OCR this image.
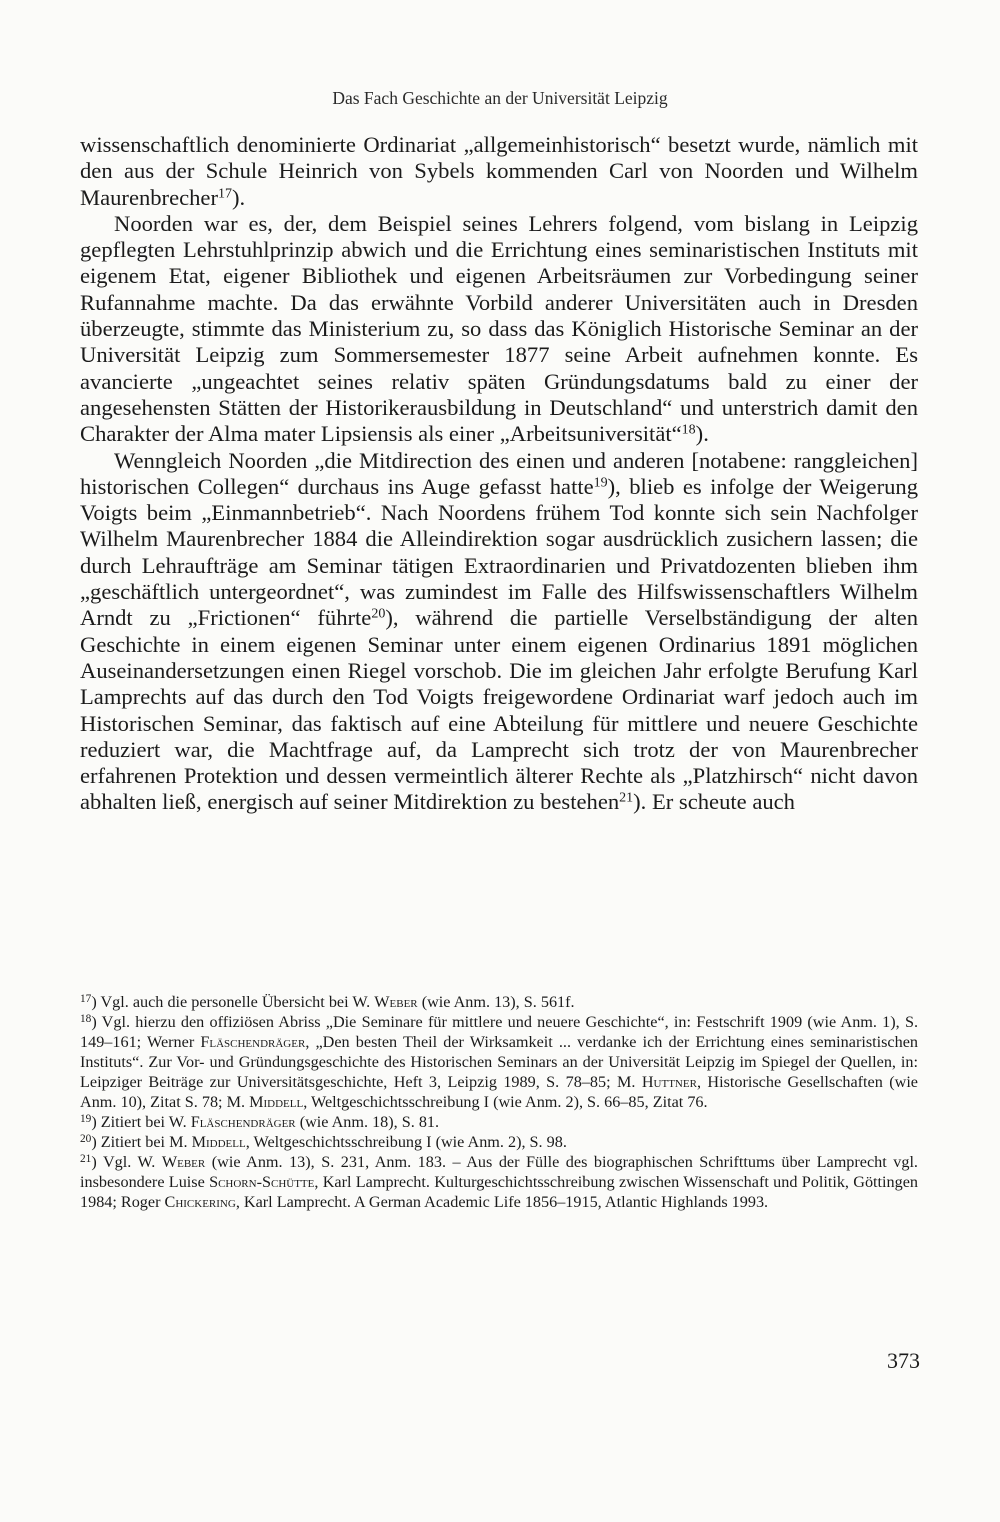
Das Fach Geschichte an der Universität Leipzig

wissenschaftlich denominierte Ordinariat „allgemeinhistorisch“ besetzt wurde, nämlich mit den aus der Schule Heinrich von Sybels kommenden Carl von Noorden und Wilhelm Maurenbrecher$^{17}$).

Noorden war es, der, dem Beispiel seines Lehrers folgend, vom bislang in Leipzig gepflegten Lehrstuhlprinzip abwich und die Errichtung eines seminaristischen Instituts mit eigenem Etat, eigener Bibliothek und eigenen Arbeitsräumen zur Vorbedingung seiner Rufannahme machte. Da das erwähnte Vorbild anderer Universitäten auch in Dresden überzeugte, stimmte das Ministerium zu, so dass das Königlich Historische Seminar an der Universität Leipzig zum Sommersemester 1877 seine Arbeit aufnehmen konnte. Es avancierte „ungeachtet seines relativ späten Gründungsdatums bald zu einer der angesehensten Stätten der Historikerausbildung in Deutschland“ und unterstrich damit den Charakter der Alma mater Lipsiensis als einer „Arbeitsuniversität“$^{18}$).

Wenngleich Noorden „die Mitdirection des einen und anderen [notabene: ranggleichen] historischen Collegen“ durchaus ins Auge gefasst hatte$^{19}$), blieb es infolge der Weigerung Voigts beim „Einmannbetrieb“. Nach Noordens frühem Tod konnte sich sein Nachfolger Wilhelm Maurenbrecher 1884 die Alleindirektion sogar ausdrücklich zusichern lassen; die durch Lehraufträge am Seminar tätigen Extraordinarien und Privatdozenten blieben ihm „geschäftlich untergeordnet“, was zumindest im Falle des Hilfswissenschaftlers Wilhelm Arndt zu „Frictionen“ führte$^{20}$), während die partielle Verselbständigung der alten Geschichte in einem eigenen Seminar unter einem eigenen Ordinarius 1891 möglichen Auseinandersetzungen einen Riegel vorschob. Die im gleichen Jahr erfolgte Berufung Karl Lamprechts auf das durch den Tod Voigts freigewordene Ordinariat warf jedoch auch im Historischen Seminar, das faktisch auf eine Abteilung für mittlere und neuere Geschichte reduziert war, die Machtfrage auf, da Lamprecht sich trotz der von Maurenbrecher erfahrenen Protektion und dessen vermeintlich älterer Rechte als „Platzhirsch“ nicht davon abhalten ließ, energisch auf seiner Mitdirektion zu bestehen$^{21}$). Er scheute auch

$^{17}$) Vgl. auch die personelle Übersicht bei W. Weber (wie Anm. 13), S. 561f.

$^{18}$) Vgl. hierzu den offiziösen Abriss „Die Seminare für mittlere und neuere Geschichte“, in: Festschrift 1909 (wie Anm. 1), S. 149–161; Werner Fläschendräger, „Den besten Theil der Wirksamkeit ... verdanke ich der Errichtung eines seminaristischen Instituts“. Zur Vor- und Gründungsgeschichte des Historischen Seminars an der Universität Leipzig im Spiegel der Quellen, in: Leipziger Beiträge zur Universitätsgeschichte, Heft 3, Leipzig 1989, S. 78–85; M. Huttner, Historische Gesellschaften (wie Anm. 10), Zitat S. 78; M. Middell, Weltgeschichtsschreibung I (wie Anm. 2), S. 66–85, Zitat 76.

$^{19}$) Zitiert bei W. Fläschendräger (wie Anm. 18), S. 81.

$^{20}$) Zitiert bei M. Middell, Weltgeschichtsschreibung I (wie Anm. 2), S. 98.

$^{21}$) Vgl. W. Weber (wie Anm. 13), S. 231, Anm. 183. – Aus der Fülle des biographischen Schrifttums über Lamprecht vgl. insbesondere Luise Schorn-Schütte, Karl Lamprecht. Kulturgeschichtsschreibung zwischen Wissenschaft und Politik, Göttingen 1984; Roger Chickering, Karl Lamprecht. A German Academic Life 1856–1915, Atlantic Highlands 1993.

373
